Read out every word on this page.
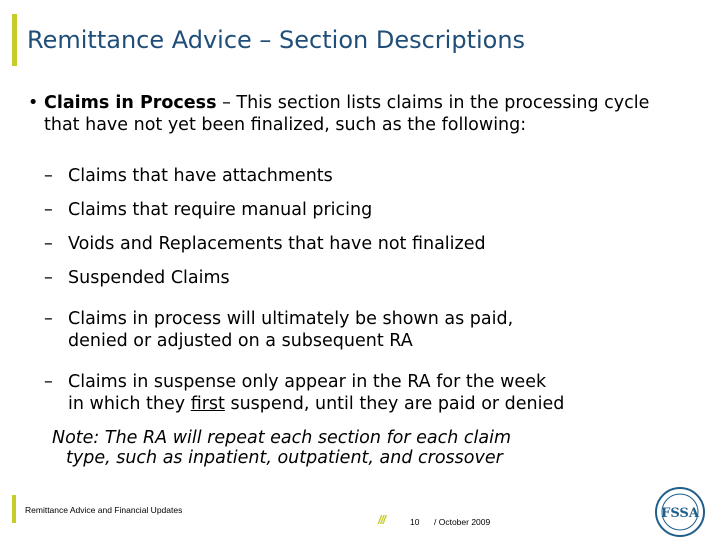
Remittance Advice – Section Descriptions
• Claims in Process – This section lists claims in the processing cycle that have not yet been finalized, such as the following:
– Claims that have attachments
– Claims that require manual pricing
– Voids and Replacements that have not finalized
– Suspended Claims
– Claims in process will ultimately be shown as paid,
denied or adjusted on a subsequent RA
– Claims in suspense only appear in the RA for the week
in which they first suspend, until they are paid or denied
Note: The RA will repeat each section for each claim
type, such as inpatient, outpatient, and crossover
Remittance Advice and Financial Updates
///	10 / October 2009
FSSA
